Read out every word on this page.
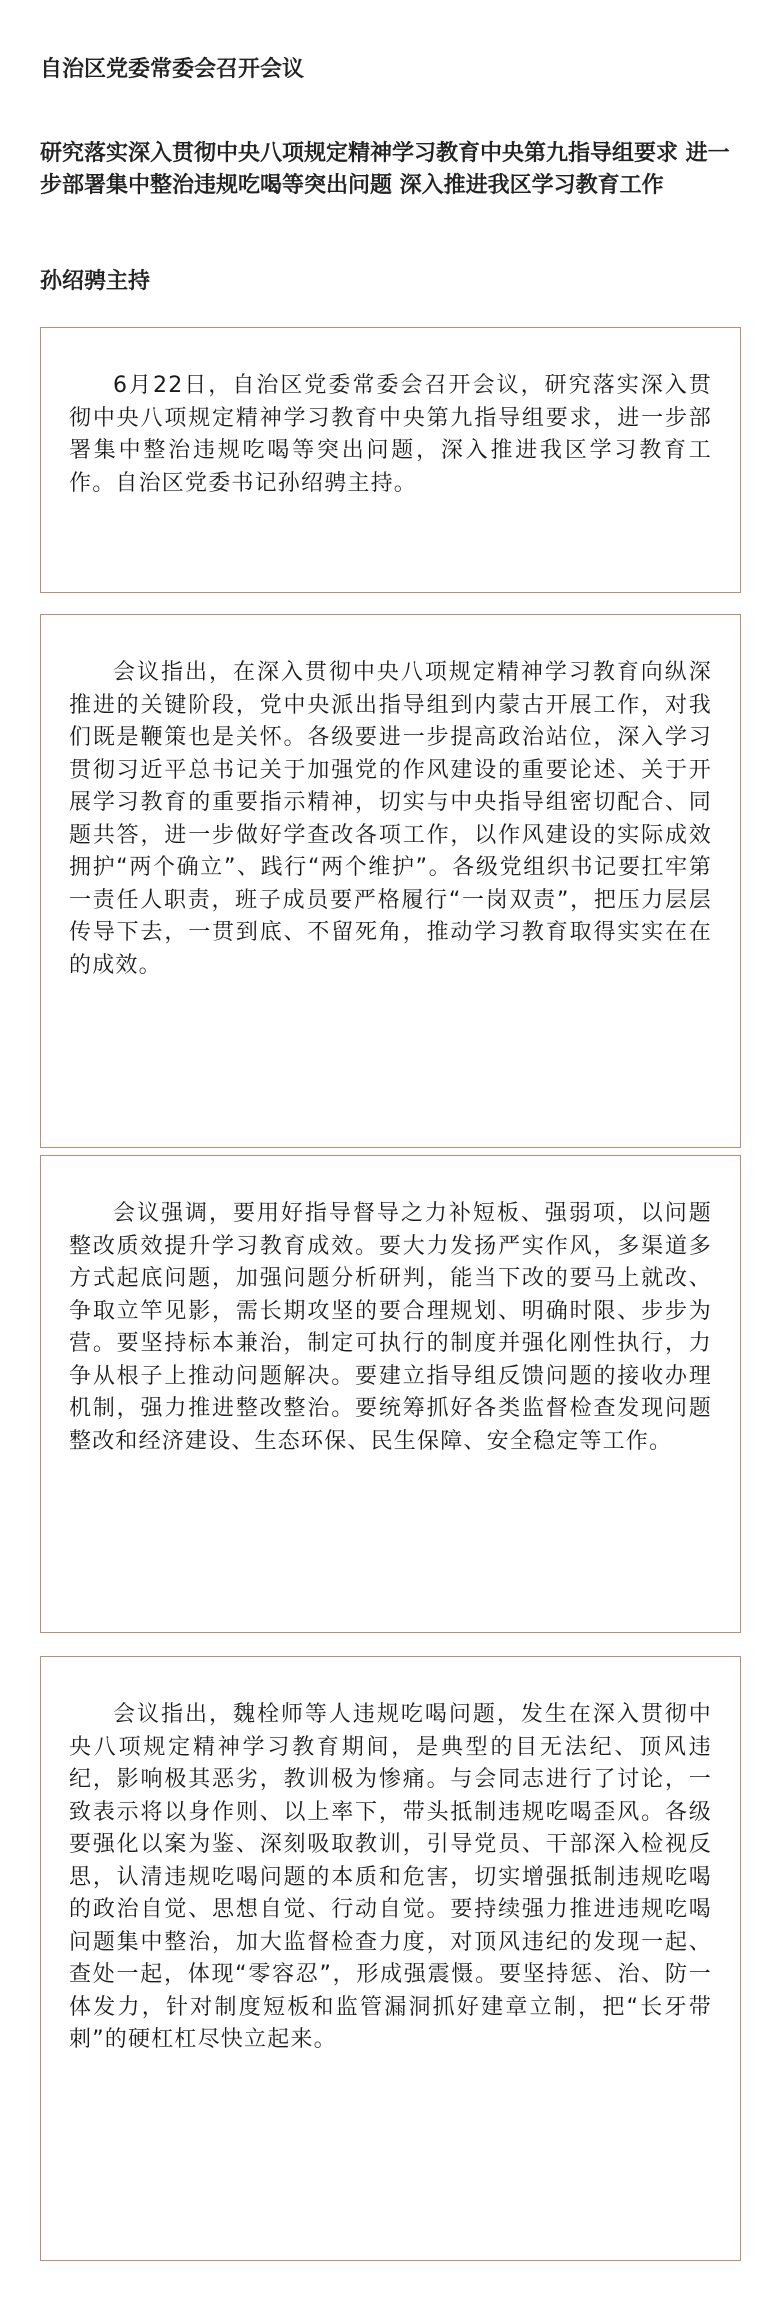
自治区党委常委会召开会议
研究落实深入贯彻中央八项规定精神学习教育中央第九指导组要求 进一步部署集中整治违规吃喝等突出问题 深入推进我区学习教育工作
孙绍骋主持

6月22日，自治区党委常委会召开会议，研究落实深入贯彻中央八项规定精神学习教育中央第九指导组要求，进一步部署集中整治违规吃喝等突出问题，深入推进我区学习教育工作。自治区党委书记孙绍骋主持。

会议指出，在深入贯彻中央八项规定精神学习教育向纵深推进的关键阶段，党中央派出指导组到内蒙古开展工作，对我们既是鞭策也是关怀。各级要进一步提高政治站位，深入学习贯彻习近平总书记关于加强党的作风建设的重要论述、关于开展学习教育的重要指示精神，切实与中央指导组密切配合、同题共答，进一步做好学查改各项工作，以作风建设的实际成效拥护“两个确立”、践行“两个维护”。各级党组织书记要扛牢第一责任人职责，班子成员要严格履行“一岗双责”，把压力层层传导下去，一贯到底、不留死角，推动学习教育取得实实在在的成效。

会议强调，要用好指导督导之力补短板、强弱项，以问题整改质效提升学习教育成效。要大力发扬严实作风，多渠道多方式起底问题，加强问题分析研判，能当下改的要马上就改、争取立竿见影，需长期攻坚的要合理规划、明确时限、步步为营。要坚持标本兼治，制定可执行的制度并强化刚性执行，力争从根子上推动问题解决。要建立指导组反馈问题的接收办理机制，强力推进整改整治。要统筹抓好各类监督检查发现问题整改和经济建设、生态环保、民生保障、安全稳定等工作。

会议指出，魏栓师等人违规吃喝问题，发生在深入贯彻中央八项规定精神学习教育期间，是典型的目无法纪、顶风违纪，影响极其恶劣，教训极为惨痛。与会同志进行了讨论，一致表示将以身作则、以上率下，带头抵制违规吃喝歪风。各级要强化以案为鉴、深刻吸取教训，引导党员、干部深入检视反思，认清违规吃喝问题的本质和危害，切实增强抵制违规吃喝的政治自觉、思想自觉、行动自觉。要持续强力推进违规吃喝问题集中整治，加大监督检查力度，对顶风违纪的发现一起、查处一起，体现“零容忍”，形成强震慑。要坚持惩、治、防一体发力，针对制度短板和监管漏洞抓好建章立制，把“长牙带刺”的硬杠杠尽快立起来。
